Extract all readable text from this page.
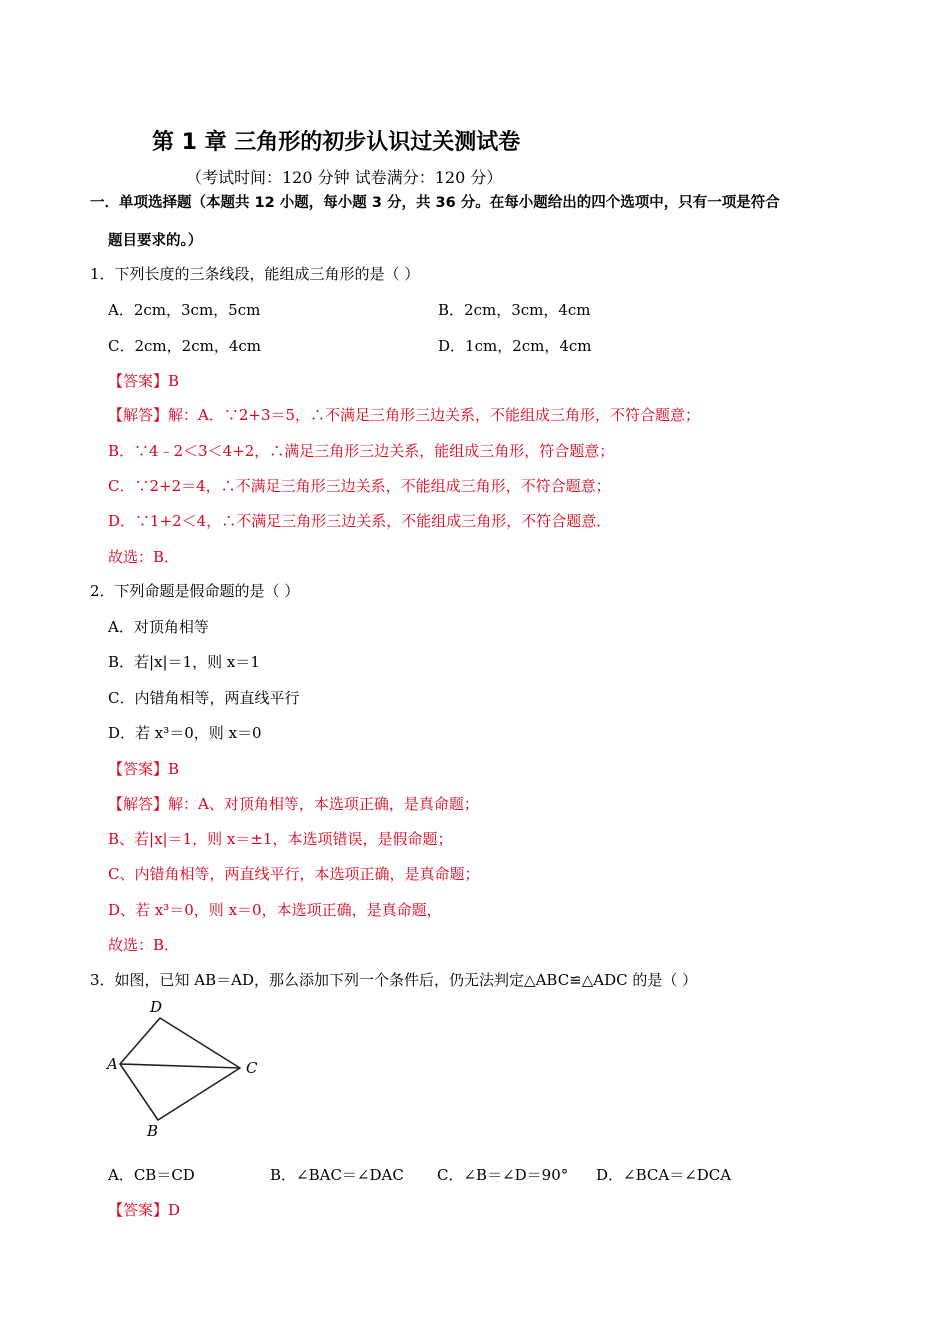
第 1 章 三角形的初步认识过关测试卷
（考试时间：120 分钟 试卷满分：120 分）
一．单项选择题（本题共 12 小题，每小题 3 分，共 36 分。在每小题给出的四个选项中，只有一项是符合
题目要求的。）
1．下列长度的三条线段，能组成三角形的是（ ）
A．2cm，3cm，5cm	B．2cm，3cm，4cm
C．2cm，2cm，4cm	D．1cm，2cm，4cm
【答案】B
【解答】解：A．∵2+3＝5，∴不满足三角形三边关系，不能组成三角形，不符合题意；
B．∵4﹣2＜3＜4+2，∴满足三角形三边关系，能组成三角形，符合题意；
C．∵2+2＝4，∴不满足三角形三边关系，不能组成三角形，不符合题意；
D．∵1+2＜4，∴不满足三角形三边关系，不能组成三角形，不符合题意．
故选：B．
2．下列命题是假命题的是（ ）
A．对顶角相等
B．若|x|＝1，则 x＝1
C．内错角相等，两直线平行
D．若 x³＝0，则 x＝0
【答案】B
【解答】解：A、对顶角相等，本选项正确，是真命题；
B、若|x|＝1，则 x＝±1，本选项错误，是假命题；
C、内错角相等，两直线平行，本选项正确，是真命题；
D、若 x³＝0，则 x＝0，本选项正确，是真命题，
故选：B．
3．如图，已知 AB＝AD，那么添加下列一个条件后，仍无法判定△ABC≌△ADC 的是（ ）
D
A	C
B
A．CB＝CD	B．∠BAC＝∠DAC C．∠B＝∠D＝90° D．∠BCA＝∠DCA
【答案】D
